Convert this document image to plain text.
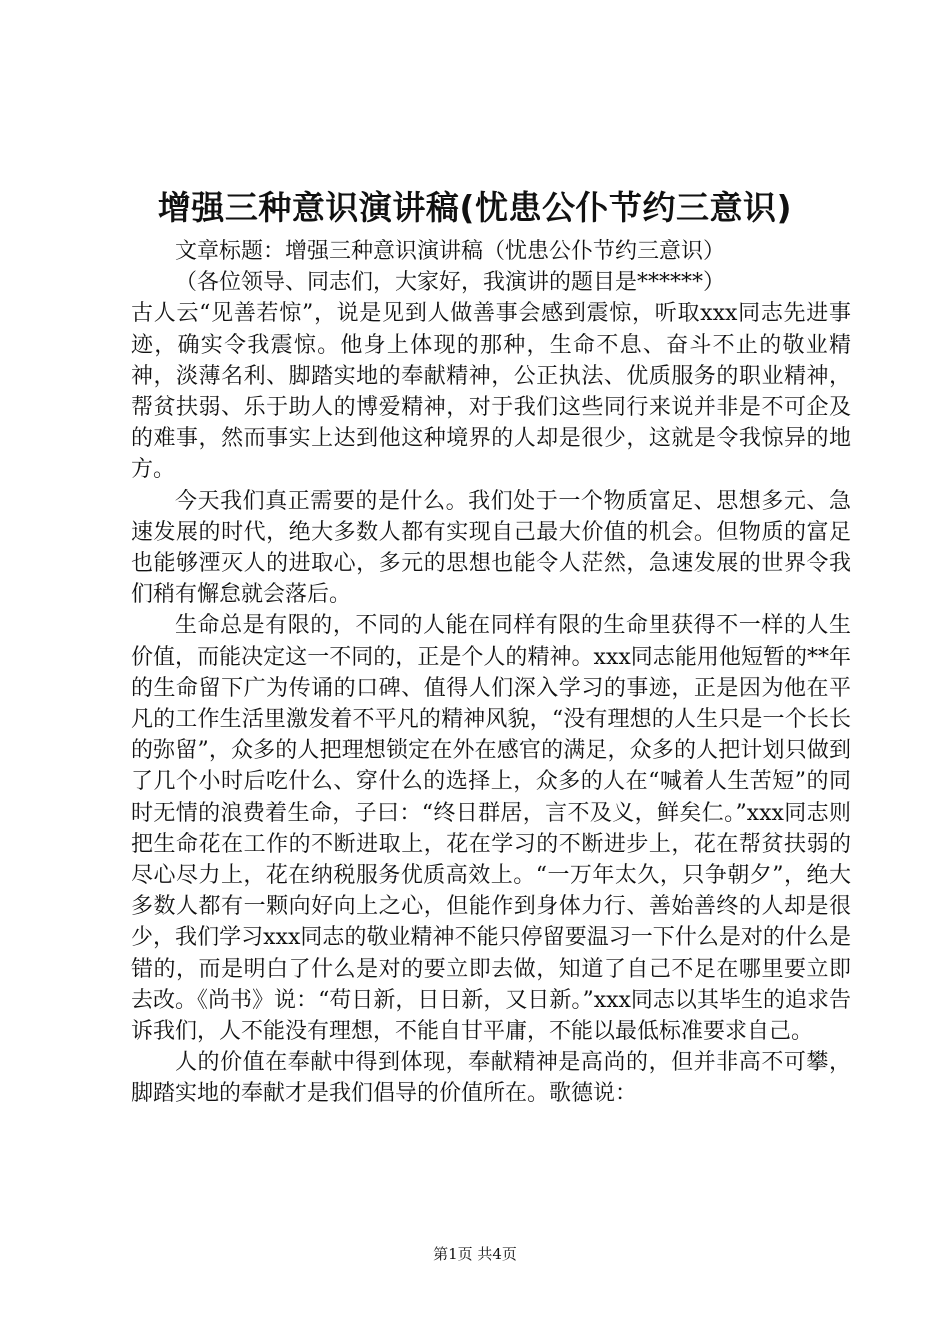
增强三种意识演讲稿(忧患公仆节约三意识)

文章标题：增强三种意识演讲稿（忧患公仆节约三意识）

（各位领导、同志们，大家好，我演讲的题目是******）

古人云“见善若惊”，说是见到人做善事会感到震惊，听取xxx同志先进事迹，确实令我震惊。他身上体现的那种，生命不息、奋斗不止的敬业精神，淡薄名利、脚踏实地的奉献精神，公正执法、优质服务的职业精神，帮贫扶弱、乐于助人的博爱精神，对于我们这些同行来说并非是不可企及的难事，然而事实上达到他这种境界的人却是很少，这就是令我惊异的地方。

今天我们真正需要的是什么。我们处于一个物质富足、思想多元、急速发展的时代，绝大多数人都有实现自己最大价值的机会。但物质的富足也能够湮灭人的进取心，多元的思想也能令人茫然，急速发展的世界令我们稍有懈怠就会落后。

生命总是有限的，不同的人能在同样有限的生命里获得不一样的人生价值，而能决定这一不同的，正是个人的精神。xxx同志能用他短暂的**年的生命留下广为传诵的口碑、值得人们深入学习的事迹，正是因为他在平凡的工作生活里激发着不平凡的精神风貌，“没有理想的人生只是一个长长的弥留”，众多的人把理想锁定在外在感官的满足，众多的人把计划只做到了几个小时后吃什么、穿什么的选择上，众多的人在“喊着人生苦短”的同时无情的浪费着生命，子曰：“终日群居，言不及义，鲜矣仁。”xxx同志则把生命花在工作的不断进取上，花在学习的不断进步上，花在帮贫扶弱的尽心尽力上，花在纳税服务优质高效上。“一万年太久，只争朝夕”，绝大多数人都有一颗向好向上之心，但能作到身体力行、善始善终的人却是很少，我们学习xxx同志的敬业精神不能只停留要温习一下什么是对的什么是错的，而是明白了什么是对的要立即去做，知道了自己不足在哪里要立即去改。《尚书》说：“苟日新，日日新，又日新。”xxx同志以其毕生的追求告诉我们，人不能没有理想，不能自甘平庸，不能以最低标准要求自己。

人的价值在奉献中得到体现，奉献精神是高尚的，但并非高不可攀，脚踏实地的奉献才是我们倡导的价值所在。歌德说：

第1页 共4页
